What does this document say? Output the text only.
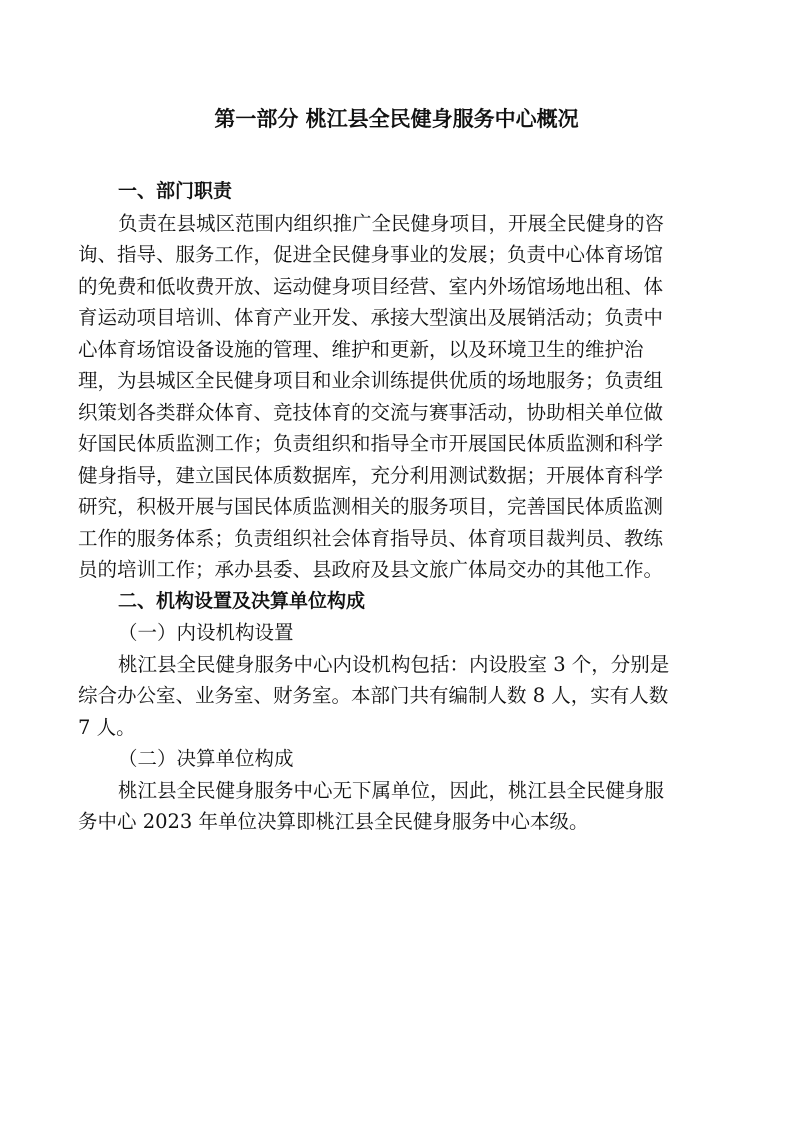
第一部分 桃江县全民健身服务中心概况
一、部门职责
负责在县城区范围内组织推广全民健身项目，开展全民健身的咨
询、指导、服务工作，促进全民健身事业的发展；负责中心体育场馆
的免费和低收费开放、运动健身项目经营、室内外场馆场地出租、体
育运动项目培训、体育产业开发、承接大型演出及展销活动；负责中
心体育场馆设备设施的管理、维护和更新，以及环境卫生的维护治
理，为县城区全民健身项目和业余训练提供优质的场地服务；负责组
织策划各类群众体育、竞技体育的交流与赛事活动，协助相关单位做
好国民体质监测工作；负责组织和指导全市开展国民体质监测和科学
健身指导，建立国民体质数据库，充分利用测试数据；开展体育科学
研究，积极开展与国民体质监测相关的服务项目，完善国民体质监测
工作的服务体系；负责组织社会体育指导员、体育项目裁判员、教练
员的培训工作；承办县委、县政府及县文旅广体局交办的其他工作。
二、机构设置及决算单位构成
（一）内设机构设置
桃江县全民健身服务中心内设机构包括：内设股室 3 个，分别是
综合办公室、业务室、财务室。本部门共有编制人数 8 人，实有人数
7 人。
（二）决算单位构成
桃江县全民健身服务中心无下属单位，因此，桃江县全民健身服
务中心 2023 年单位决算即桃江县全民健身服务中心本级。
